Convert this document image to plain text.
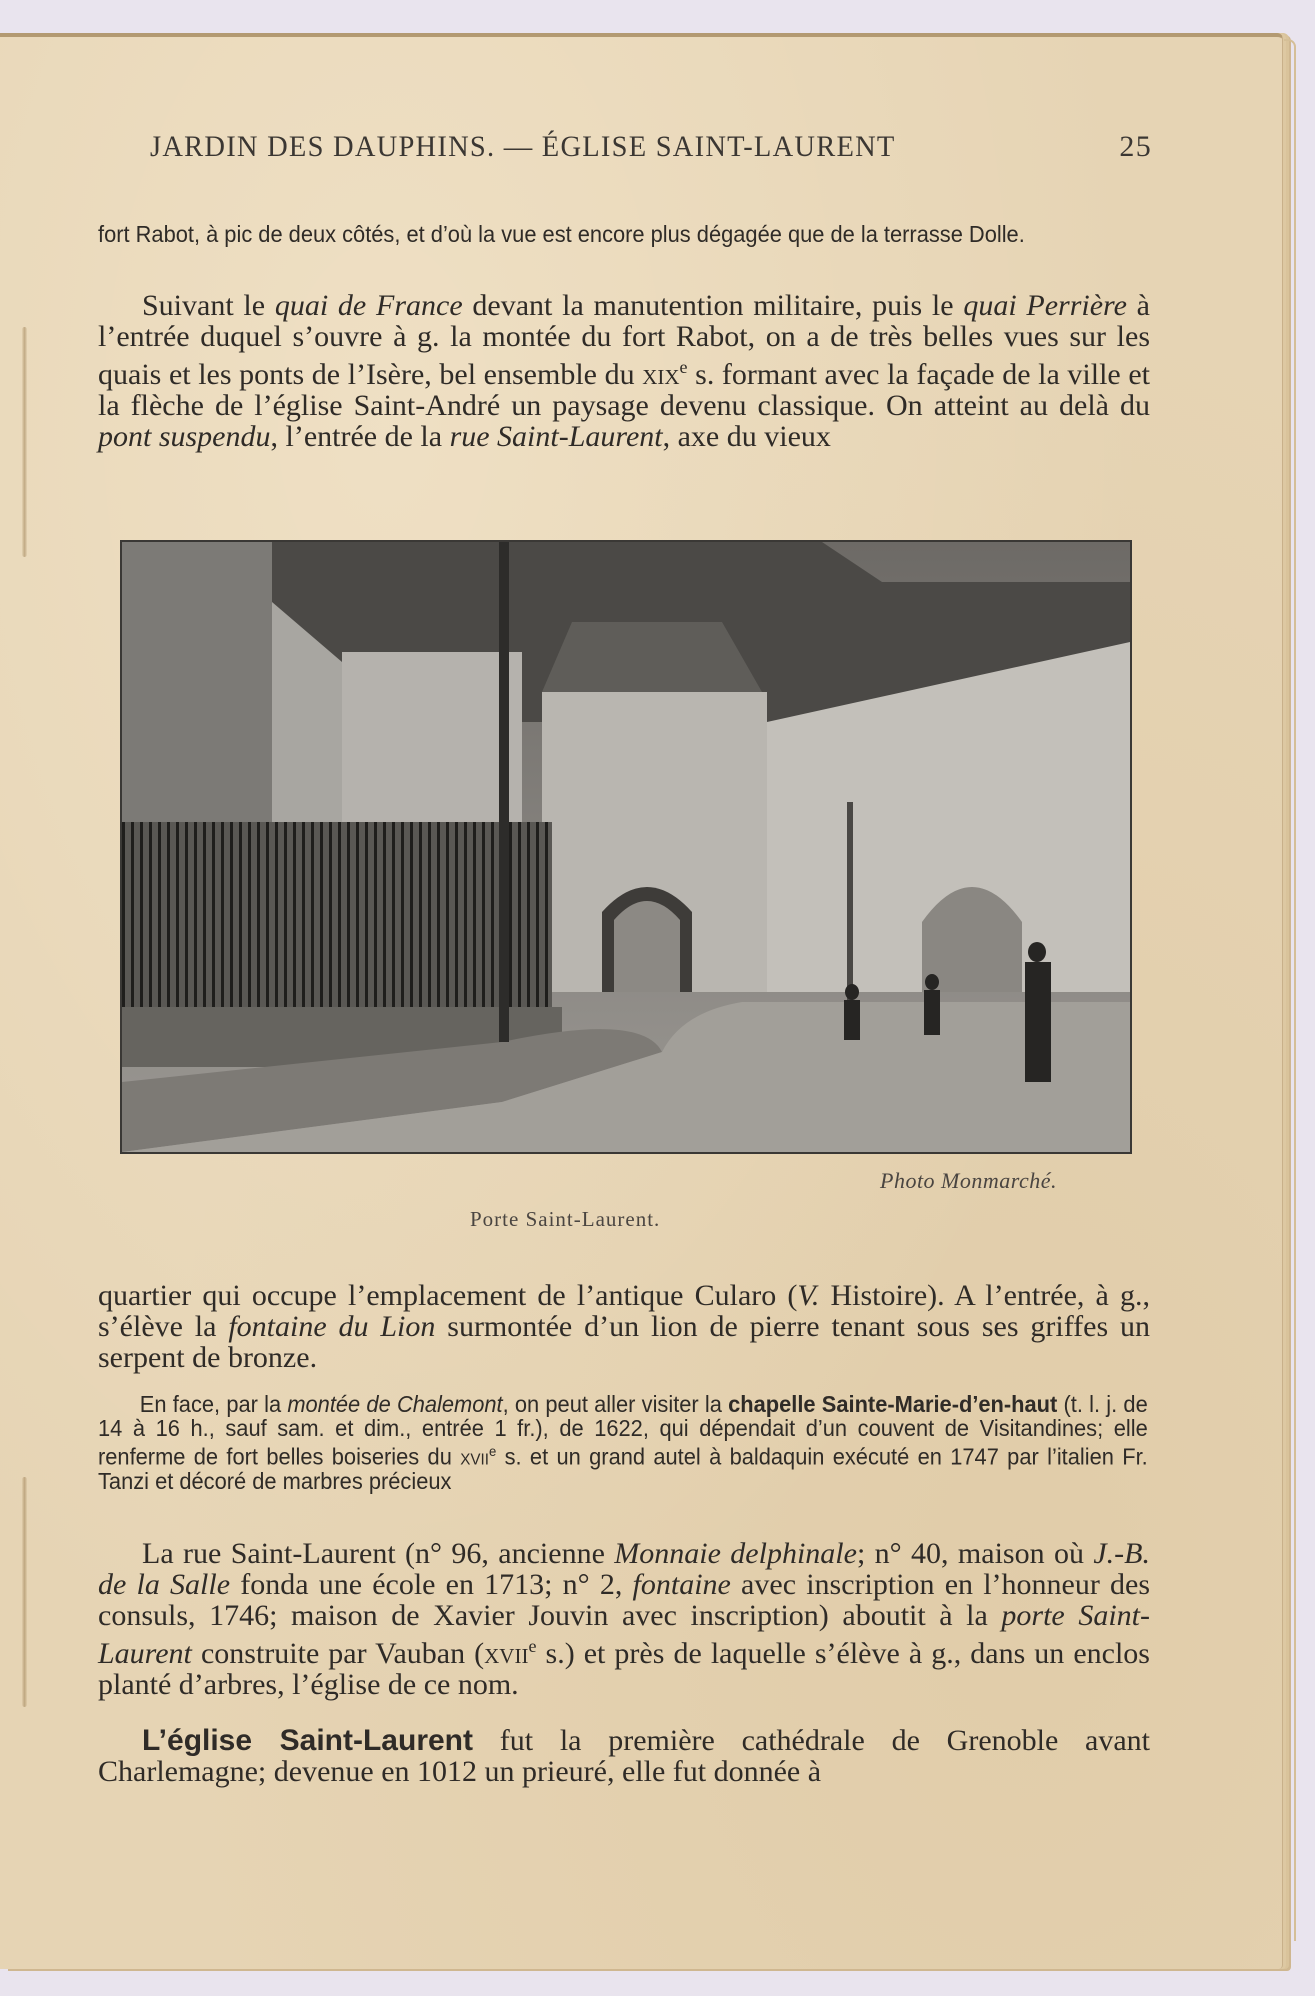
JARDIN DES DAUPHINS. — ÉGLISE SAINT-LAURENT	25

fort Rabot, à pic de deux côtés, et d’où la vue est encore plus dégagée que de la terrasse Dolle.

Suivant le quai de France devant la manutention militaire, puis le quai Perrière à l’entrée duquel s’ouvre à g. la montée du fort Rabot, on a de très belles vues sur les quais et les ponts de l’Isère, bel ensemble du xix$^e$ s. formant avec la façade de la ville et la flèche de l’église Saint-André un paysage devenu classique. On atteint au delà du pont suspendu, l’entrée de la rue Saint-Laurent, axe du vieux

Photo Monmarché.
Porte Saint-Laurent.

quartier qui occupe l’emplacement de l’antique Cularo (V. Histoire). A l’entrée, à g., s’élève la fontaine du Lion surmontée d’un lion de pierre tenant sous ses griffes un serpent de bronze.

En face, par la montée de Chalemont, on peut aller visiter la chapelle Sainte-Marie-d’en-haut (t. l. j. de 14 à 16 h., sauf sam. et dim., entrée 1 fr.), de 1622, qui dépendait d’un couvent de Visitandines; elle renferme de fort belles boiseries du xvii$^e$ s. et un grand autel à baldaquin exécuté en 1747 par l’italien Fr. Tanzi et décoré de marbres précieux

La rue Saint-Laurent (n° 96, ancienne Monnaie delphinale; n° 40, maison où J.-B. de la Salle fonda une école en 1713; n° 2, fontaine avec inscription en l’honneur des consuls, 1746; maison de Xavier Jouvin avec inscription) aboutit à la porte Saint-Laurent construite par Vauban (xvii$^e$ s.) et près de laquelle s’élève à g., dans un enclos planté d’arbres, l’église de ce nom.

L’église Saint-Laurent fut la première cathédrale de Grenoble avant Charlemagne; devenue en 1012 un prieuré, elle fut donnée à
